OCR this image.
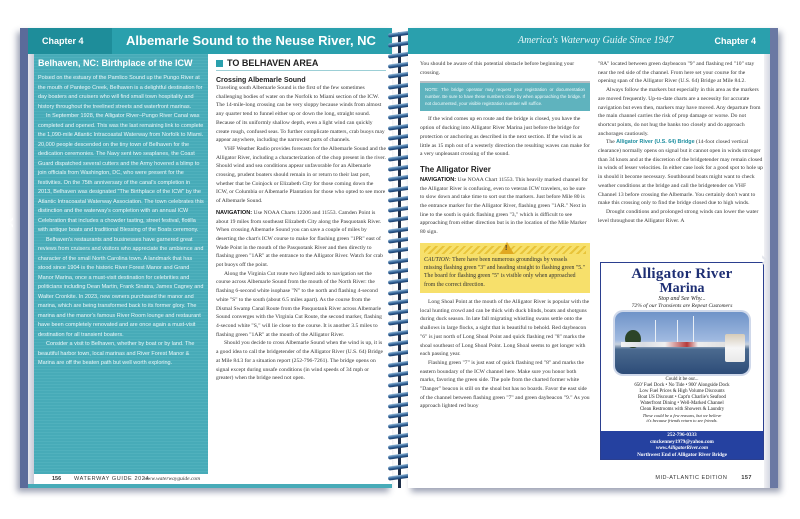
Chapter 4	Albemarle Sound to the Neuse River, NC
Belhaven, NC: Birthplace of the ICW

Poised on the estuary of the Pamlico Sound up the Pungo River at the mouth of Pantego Creek, Belhaven is a delightful destination for day boaters and cruisers who will find small town hospitality and history throughout the treelined streets and waterfront marinas.

In September 1928, the Alligator River–Pungo River Canal was completed and opened. This was the last remaining link to complete the 1,090-mile Atlantic Intracoastal Waterway from Norfolk to Miami. 20,000 people descended on the tiny town of Belhaven for the dedication ceremonies. The Navy sent two seaplanes, the Coast Guard dispatched several cutters and the Army hovered a blimp to join officials from Washington, DC, who were present for the festivities. On the 75th anniversary of the canal's completion in 2013, Belhaven was designated "The Birthplace of the ICW" by the Atlantic Intracoastal Waterway Association. The town celebrates this distinction and the waterway's completion with an annual ICW Celebration that includes a chowder tasting, street festival, flotilla with antique boats and traditional Blessing of the Boats ceremony.

Belhaven's restaurants and businesses have garnered great reviews from cruisers and visitors who appreciate the ambience and character of the small North Carolina town. A landmark that has stood since 1904 is the historic River Forest Manor and Grand Manor Marina, once a must-visit destination for celebrities and politicians including Dean Martin, Frank Sinatra, James Cagney and Walter Cronkite. In 2023, new owners purchased the manor and marina, which are being transformed back to its former glory. The marina and the manor's famous River Room lounge and restaurant have been completely renovated and are once again a must-visit destination for all transient boaters.

Consider a visit to Belhaven, whether by boat or by land. The beautiful harbor town, local marinas and River Forest Manor & Marina are off the beaten path but well worth exploring.

TO BELHAVEN AREA
Crossing Albemarle Sound

Traveling south Albemarle Sound is the first of the few sometimes challenging bodies of water on the Norfolk to Miami section of the ICW. The 14-mile-long crossing can be very sloppy because winds from almost any quarter tend to funnel either up or down the long, straight sound. Because of its uniformly shallow depth, even a light wind can quickly create rough, confused seas. To further complicate matters, crab buoys may appear anywhere, including the narrowest parts of channels.

VHF Weather Radio provides forecasts for the Albemarle Sound and the Alligator River, including a characterization of the chop present in the river. Should wind and sea conditions appear unfavorable for an Albemarle crossing, prudent boaters should remain in or return to their last port, whether that be Coinjock or Elizabeth City for those coming down the ICW, or Columbia or Albemarle Plantation for those who opted to see more of Albemarle Sound.

NAVIGATION: Use NOAA Charts 12206 and 11553. Camden Point is about 19 miles from southeast Elizabeth City along the Pasquotank River. When crossing Albemarle Sound you can save a couple of miles by deserting the chart's ICW course to make for flashing green "1PR" east of Wade Point in the mouth of the Pasquotank River and then directly to flashing green "1AR" at the entrance to the Alligator River. Watch for crab pot buoys off the point.

Along the Virginia Cut route two lighted aids to navigation set the course across Albemarle Sound from the mouth of the North River: the flashing 6-second white isophase "N" to the north and flashing 4-second white "S" to the south (about 6.5 miles apart). As the course from the Dismal Swamp Canal Route from the Pasquotank River across Albemarle Sound converges with the Virginia Cut Route, the second marker, flashing 4-second white "S," will lie close to the course. It is another 3.5 miles to flashing green "1AR" at the mouth of the Alligator River.

Should you decide to cross Albemarle Sound when the wind is up, it is a good idea to call the bridgetender of the Alligator River (U.S. 64) Bridge at Mile 84.3 for a situation report (252-796-7261). The bridge opens on signal except during unsafe conditions (in wind speeds of 34 mph or greater) when the bridge need not open.

156 WATERWAY GUIDE 2024
www.waterwayguide.com
‹
America's Waterway Guide Since 1947	Chapter 4

You should be aware of this potential obstacle before beginning your crossing.

NOTE: The bridge operator may request your registration or documentation number. Be sure to have these numbers close by when approaching the bridge. If not documented, your visible registration number will suffice.

If the wind comes up en route and the bridge is closed, you have the option of ducking into Alligator River Marina just before the bridge for protection or anchoring as described in the next section. If the wind is as little as 15 mph out of a westerly direction the resulting waves can make for a very unpleasant crossing of the sound.

The Alligator River

NAVIGATION: Use NOAA Chart 11553. This heavily marked channel for the Alligator River is confusing, even to veteran ICW travelers, so be sure to slow down and take time to sort out the markers. Just before Mile 80 is the entrance marker for the Alligator River, flashing green "1AR." Next in line to the south is quick flashing green "3," which is difficult to see approaching from either direction but is in the location of the Mile Marker 80 sign.

!
CAUTION: There have been numerous groundings by vessels missing flashing green "3" and heading straight to flashing green "5." The board for flashing green "5" is visible only when approached from the correct direction.

Long Shoal Point at the mouth of the Alligator River is popular with the local hunting crowd and can be thick with duck blinds, boats and shotguns during duck season. In late fall migrating whistling swans settle onto the shallows in large flocks, a sight that is beautiful to behold. Red daybeacon "6" is just north of Long Shoal Point and quick flashing red "8" marks the shoal southeast of Long Shoal Point. Long Shoal seems to get longer with each passing year.

Flashing green "7" is just east of quick flashing red "8" and marks the eastern boundary of the ICW channel here. Make sure you honor both marks, favoring the green side. The pole from the charted former white "Danger" beacon is still on the shoal but has no boards. Favor the east side of the channel between flashing green "7" and green daybeacon "9." As you approach lighted red buoy

"8A" located between green daybeacon "9" and flashing red "10" stay near the red side of the channel. From here set your course for the opening span of the Alligator River (U.S. 64) Bridge at Mile 84.2.

Always follow the markers but especially in this area as the markers are moved frequently. Up-to-date charts are a necessity for accurate navigation but even then, markers may have moved. Any departure from the main channel carries the risk of prop damage or worse. Do not shortcut points, do not hug the banks too closely and do approach anchorages cautiously.

The Alligator River (U.S. 64) Bridge (14-foot closed vertical clearance) normally opens on signal but it cannot open in winds stronger than 34 knots and at the discretion of the bridgetender may remain closed in winds of lesser velocities. In either case look for a good spot to hole up in should it become necessary. Southbound boats might want to check weather conditions at the bridge and call the bridgetender on VHF Channel 13 before crossing the Albemarle. You certainly don't want to make this crossing only to find the bridge closed due to high winds.

Drought conditions and prolonged strong winds can lower the water level throughout the Alligator River. A

Alligator River
Marina
Stop and See Why...
72% of our Transients are Repeat Customers
Could it be our...
650' Fuel Dock • No Tide • 900' Alongside Dock
Low Fuel Prices & High Volume Discounts
Boat US Discount • Capt'n Charlie's Seafood
Waterfront Dining • Well-Marked Channel
Clean Restrooms with Showers & Laundry
These could be a few reasons, but we believe
it's because friends return to see friends.
252-796-0333
cmckenney1979@yahoo.com
www.AlligatorRiver.com
Northwest End of Alligator River Bridge
MID-ATLANTIC EDITION	157
›
